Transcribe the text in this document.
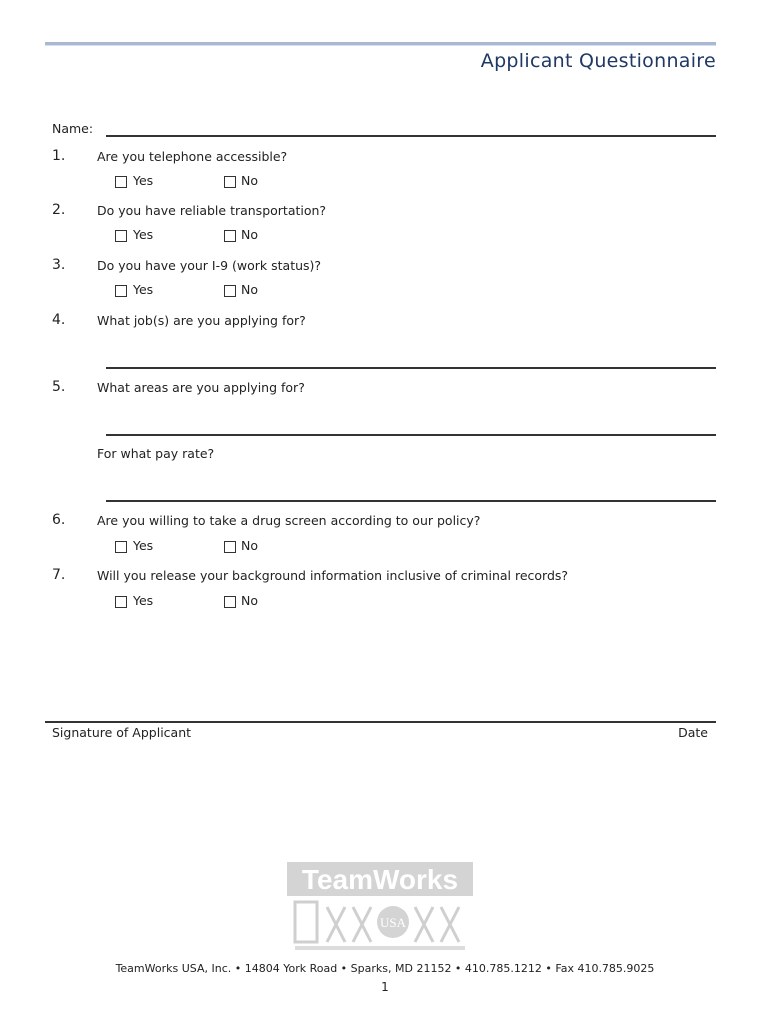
Applicant Questionnaire
Name:
1.	Are you telephone accessible?
Yes	No
2.	Do you have reliable transportation?
Yes	No
3.	Do you have your I-9 (work status)?
Yes	No
4.	What job(s) are you applying for?
5.	What areas are you applying for?
For what pay rate?
6.	Are you willing to take a drug screen according to our policy?
Yes	No
7.	Will you release your background information inclusive of criminal records?
Yes	No
Signature of Applicant	Date
TeamWorks
USA
TeamWorks USA, Inc. • 14804 York Road • Sparks, MD 21152 • 410.785.1212 • Fax 410.785.9025
1
